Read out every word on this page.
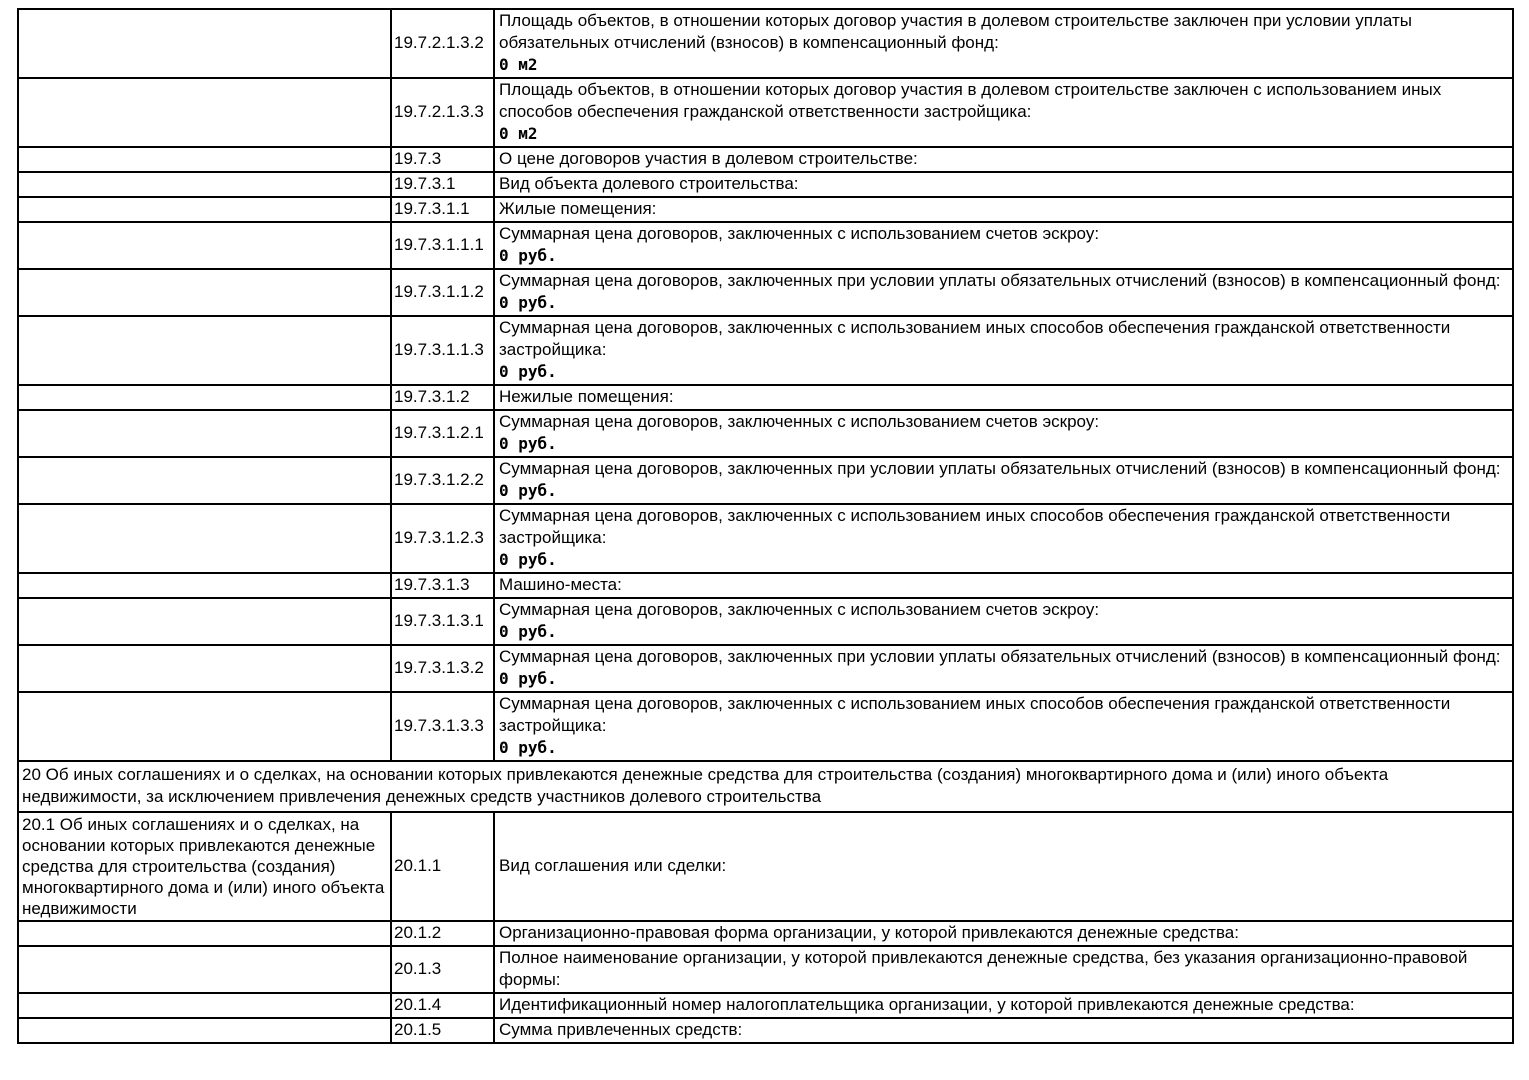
	19.7.2.1.3.2	Площадь объектов, в отношении которых договор участия в долевом строительстве заключен при условии уплаты обязательных отчислений (взносов) в компенсационный фонд:
0 м2

	19.7.2.1.3.3	Площадь объектов, в отношении которых договор участия в долевом строительстве заключен с использованием иных способов обеспечения гражданской ответственности застройщика:
0 м2

	19.7.3	О цене договоров участия в долевом строительстве:
	19.7.3.1	Вид объекта долевого строительства:
	19.7.3.1.1	Жилые помещения:
	19.7.3.1.1.1	Суммарная цена договоров, заключенных с использованием счетов эскроу:
0 руб.

	19.7.3.1.1.2	Суммарная цена договоров, заключенных при условии уплаты обязательных отчислений (взносов) в компенсационный фонд:
0 руб.

	19.7.3.1.1.3	Суммарная цена договоров, заключенных с использованием иных способов обеспечения гражданской ответственности застройщика:
0 руб.

	19.7.3.1.2	Нежилые помещения:
	19.7.3.1.2.1	Суммарная цена договоров, заключенных с использованием счетов эскроу:
0 руб.

	19.7.3.1.2.2	Суммарная цена договоров, заключенных при условии уплаты обязательных отчислений (взносов) в компенсационный фонд:
0 руб.

	19.7.3.1.2.3	Суммарная цена договоров, заключенных с использованием иных способов обеспечения гражданской ответственности застройщика:
0 руб.

	19.7.3.1.3	Машино-места:
	19.7.3.1.3.1	Суммарная цена договоров, заключенных с использованием счетов эскроу:
0 руб.

	19.7.3.1.3.2	Суммарная цена договоров, заключенных при условии уплаты обязательных отчислений (взносов) в компенсационный фонд:
0 руб.

	19.7.3.1.3.3	Суммарная цена договоров, заключенных с использованием иных способов обеспечения гражданской ответственности застройщика:
0 руб.

20 Об иных соглашениях и о сделках, на основании которых привлекаются денежные средства для строительства (создания) многоквартирного дома и (или) иного объекта недвижимости, за исключением привлечения денежных средств участников долевого строительства		
20.1 Об иных соглашениях и о сделках, на основании которых привлекаются денежные средства для строительства (создания) многоквартирного дома и (или) иного объекта недвижимости	20.1.1	Вид соглашения или сделки:
	20.1.2	Организационно-правовая форма организации, у которой привлекаются денежные средства:
	20.1.3	Полное наименование организации, у которой привлекаются денежные средства, без указания организационно-правовой формы:
	20.1.4	Идентификационный номер налогоплательщика организации, у которой привлекаются денежные средства:
	20.1.5	Сумма привлеченных средств:
